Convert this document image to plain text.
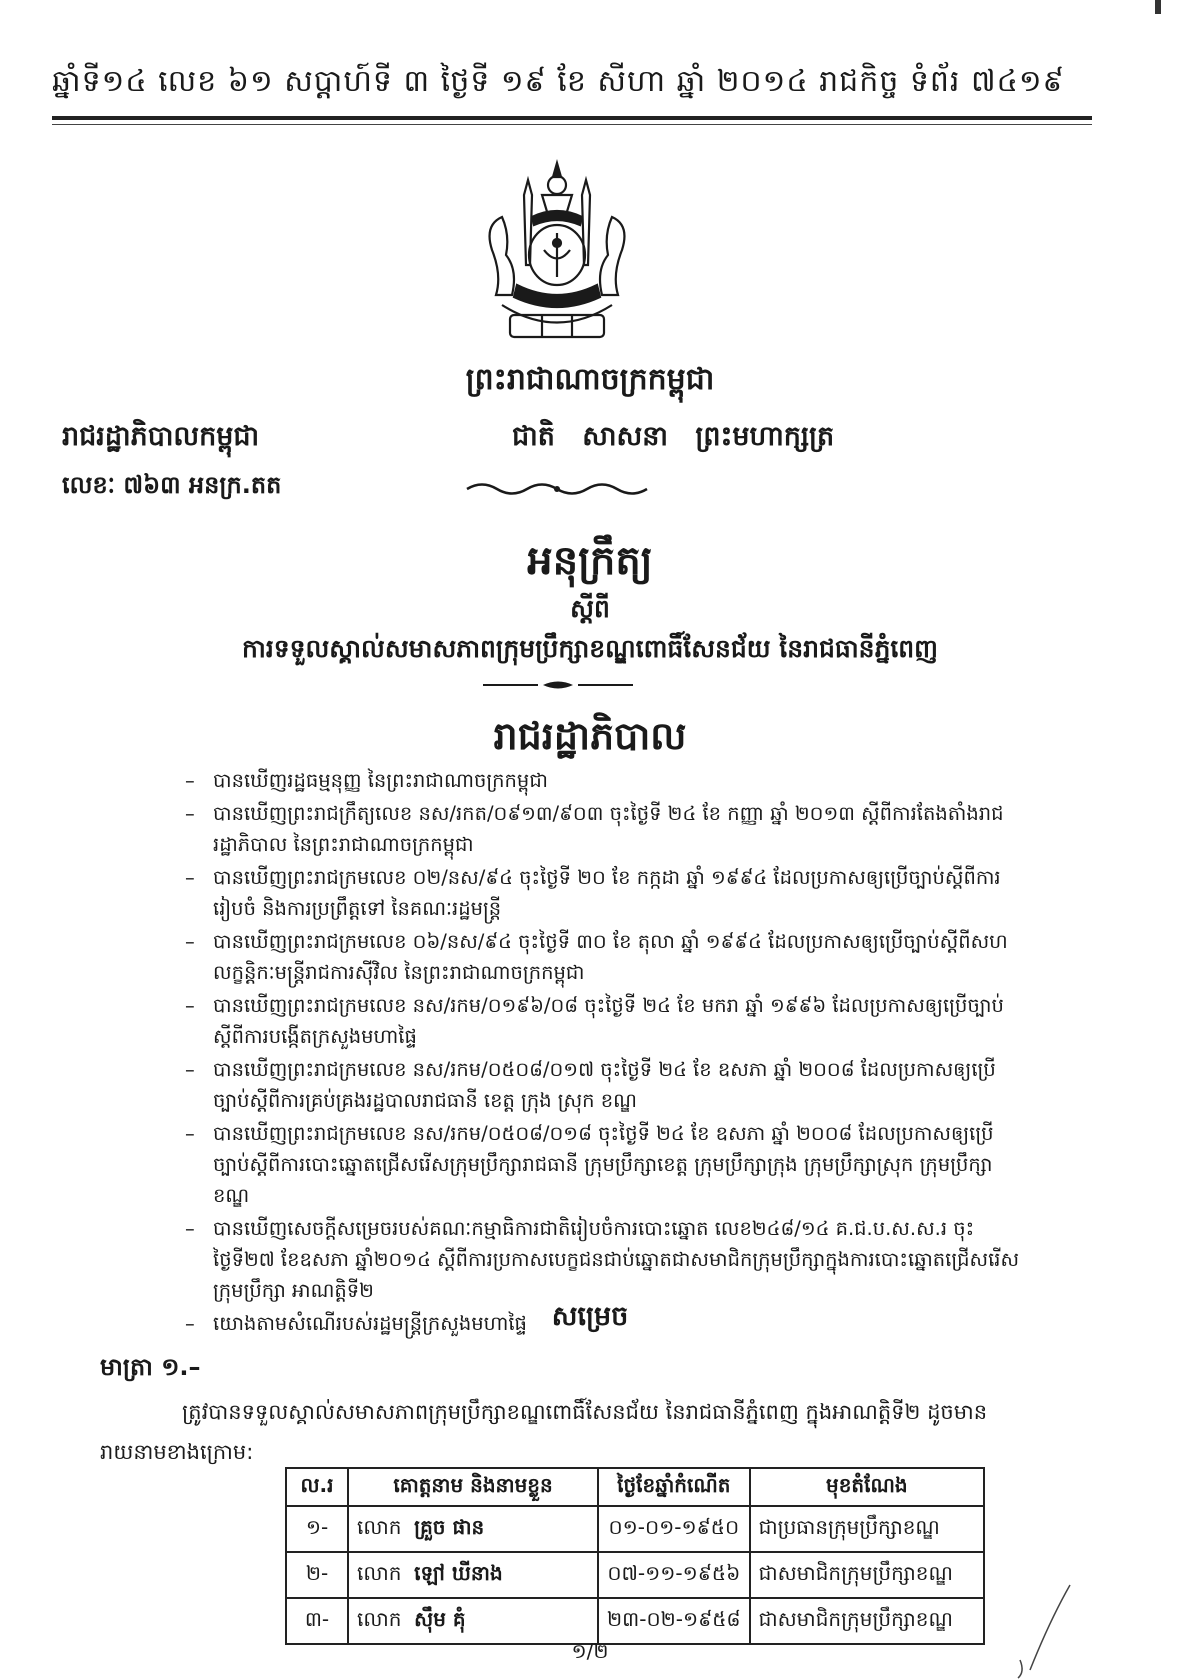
ឆ្នាំទី១៤ លេខ ៦១ សប្តាហ៍ទី ៣ ថ្ងៃទី ១៩ ខែ សីហា ឆ្នាំ ២០១៤ រាជកិច្ច ទំព័រ ៧៤១៩
ព្រះរាជាណាចក្រកម្ពុជា
រាជរដ្ឋាភិបាលកម្ពុជា	ជាតិ សាសនា ព្រះមហាក្សត្រ
លេខៈ ៧៦៣ អនក្រ.តត
អនុក្រឹត្យ
ស្តីពី
ការទទួលស្គាល់សមាសភាពក្រុមប្រឹក្សាខណ្ឌពោធិ៍សែនជ័យ នៃរាជធានីភ្នំពេញ
រាជរដ្ឋាភិបាល
– បានឃើញរដ្ឋធម្មនុញ្ញ នៃព្រះរាជាណាចក្រកម្ពុជា
– បានឃើញព្រះរាជក្រឹត្យលេខ នស/រកត/០៩១៣/៩០៣ ចុះថ្ងៃទី ២៤ ខែ កញ្ញា ឆ្នាំ ២០១៣ ស្តីពីការតែងតាំងរាជរដ្ឋាភិបាល នៃព្រះរាជាណាចក្រកម្ពុជា
– បានឃើញព្រះរាជក្រមលេខ ០២/នស/៩៤ ចុះថ្ងៃទី ២០ ខែ កក្កដា ឆ្នាំ ១៩៩៤ ដែលប្រកាសឲ្យប្រើច្បាប់ស្តីពីការរៀបចំ និងការប្រព្រឹត្តទៅ នៃគណៈរដ្ឋមន្ត្រី
– បានឃើញព្រះរាជក្រមលេខ ០៦/នស/៩៤ ចុះថ្ងៃទី ៣០ ខែ តុលា ឆ្នាំ ១៩៩៤ ដែលប្រកាសឲ្យប្រើច្បាប់ស្តីពីសហលក្ខន្តិកៈមន្ត្រីរាជការស៊ីវិល នៃព្រះរាជាណាចក្រកម្ពុជា
– បានឃើញព្រះរាជក្រមលេខ នស/រកម/០១៩៦/០៨ ចុះថ្ងៃទី ២៤ ខែ មករា ឆ្នាំ ១៩៩៦ ដែលប្រកាសឲ្យប្រើច្បាប់ស្តីពីការបង្កើតក្រសួងមហាផ្ទៃ
– បានឃើញព្រះរាជក្រមលេខ នស/រកម/០៥០៨/០១៧ ចុះថ្ងៃទី ២៤ ខែ ឧសភា ឆ្នាំ ២០០៨ ដែលប្រកាសឲ្យប្រើច្បាប់ស្តីពីការគ្រប់គ្រងរដ្ឋបាលរាជធានី ខេត្ត ក្រុង ស្រុក ខណ្ឌ
– បានឃើញព្រះរាជក្រមលេខ នស/រកម/០៥០៨/០១៨ ចុះថ្ងៃទី ២៤ ខែ ឧសភា ឆ្នាំ ២០០៨ ដែលប្រកាសឲ្យប្រើច្បាប់ស្តីពីការបោះឆ្នោតជ្រើសរើសក្រុមប្រឹក្សារាជធានី ក្រុមប្រឹក្សាខេត្ត ក្រុមប្រឹក្សាក្រុង ក្រុមប្រឹក្សាស្រុក ក្រុមប្រឹក្សាខណ្ឌ
– បានឃើញសេចក្តីសម្រេចរបស់គណៈកម្មាធិការជាតិរៀបចំការបោះឆ្នោត លេខ២៤៨/១៤ គ.ជ.ប.ស.ស.រ ចុះថ្ងៃទី២៧ ខែឧសភា ឆ្នាំ២០១៤ ស្តីពីការប្រកាសបេក្ខជនជាប់ឆ្នោតជាសមាជិកក្រុមប្រឹក្សាក្នុងការបោះឆ្នោតជ្រើសរើសក្រុមប្រឹក្សា អាណត្តិទី២
– យោងតាមសំណើរបស់រដ្ឋមន្ត្រីក្រសួងមហាផ្ទៃ សម្រេច
មាត្រា ១.–
ត្រូវបានទទួលស្គាល់សមាសភាពក្រុមប្រឹក្សាខណ្ឌពោធិ៍សែនជ័យ នៃរាជធានីភ្នំពេញ ក្នុងអាណត្តិទី២ ដូចមានរាយនាមខាងក្រោម:
ល.រ	គោត្តនាម និងនាមខ្លួន	ថ្ងៃខែឆ្នាំកំណើត	មុខតំណែង
១-	លោក គ្រួច ផាន	០១-០១-១៩៥០	ជាប្រធានក្រុមប្រឹក្សាខណ្ឌ
២-	លោក ឡៅ ឃីនាង	០៧-១១-១៩៥៦	ជាសមាជិកក្រុមប្រឹក្សាខណ្ឌ
៣-	លោក ស៊ឹម គុំ	២៣-០២-១៩៥៨	ជាសមាជិកក្រុមប្រឹក្សាខណ្ឌ
១/២
